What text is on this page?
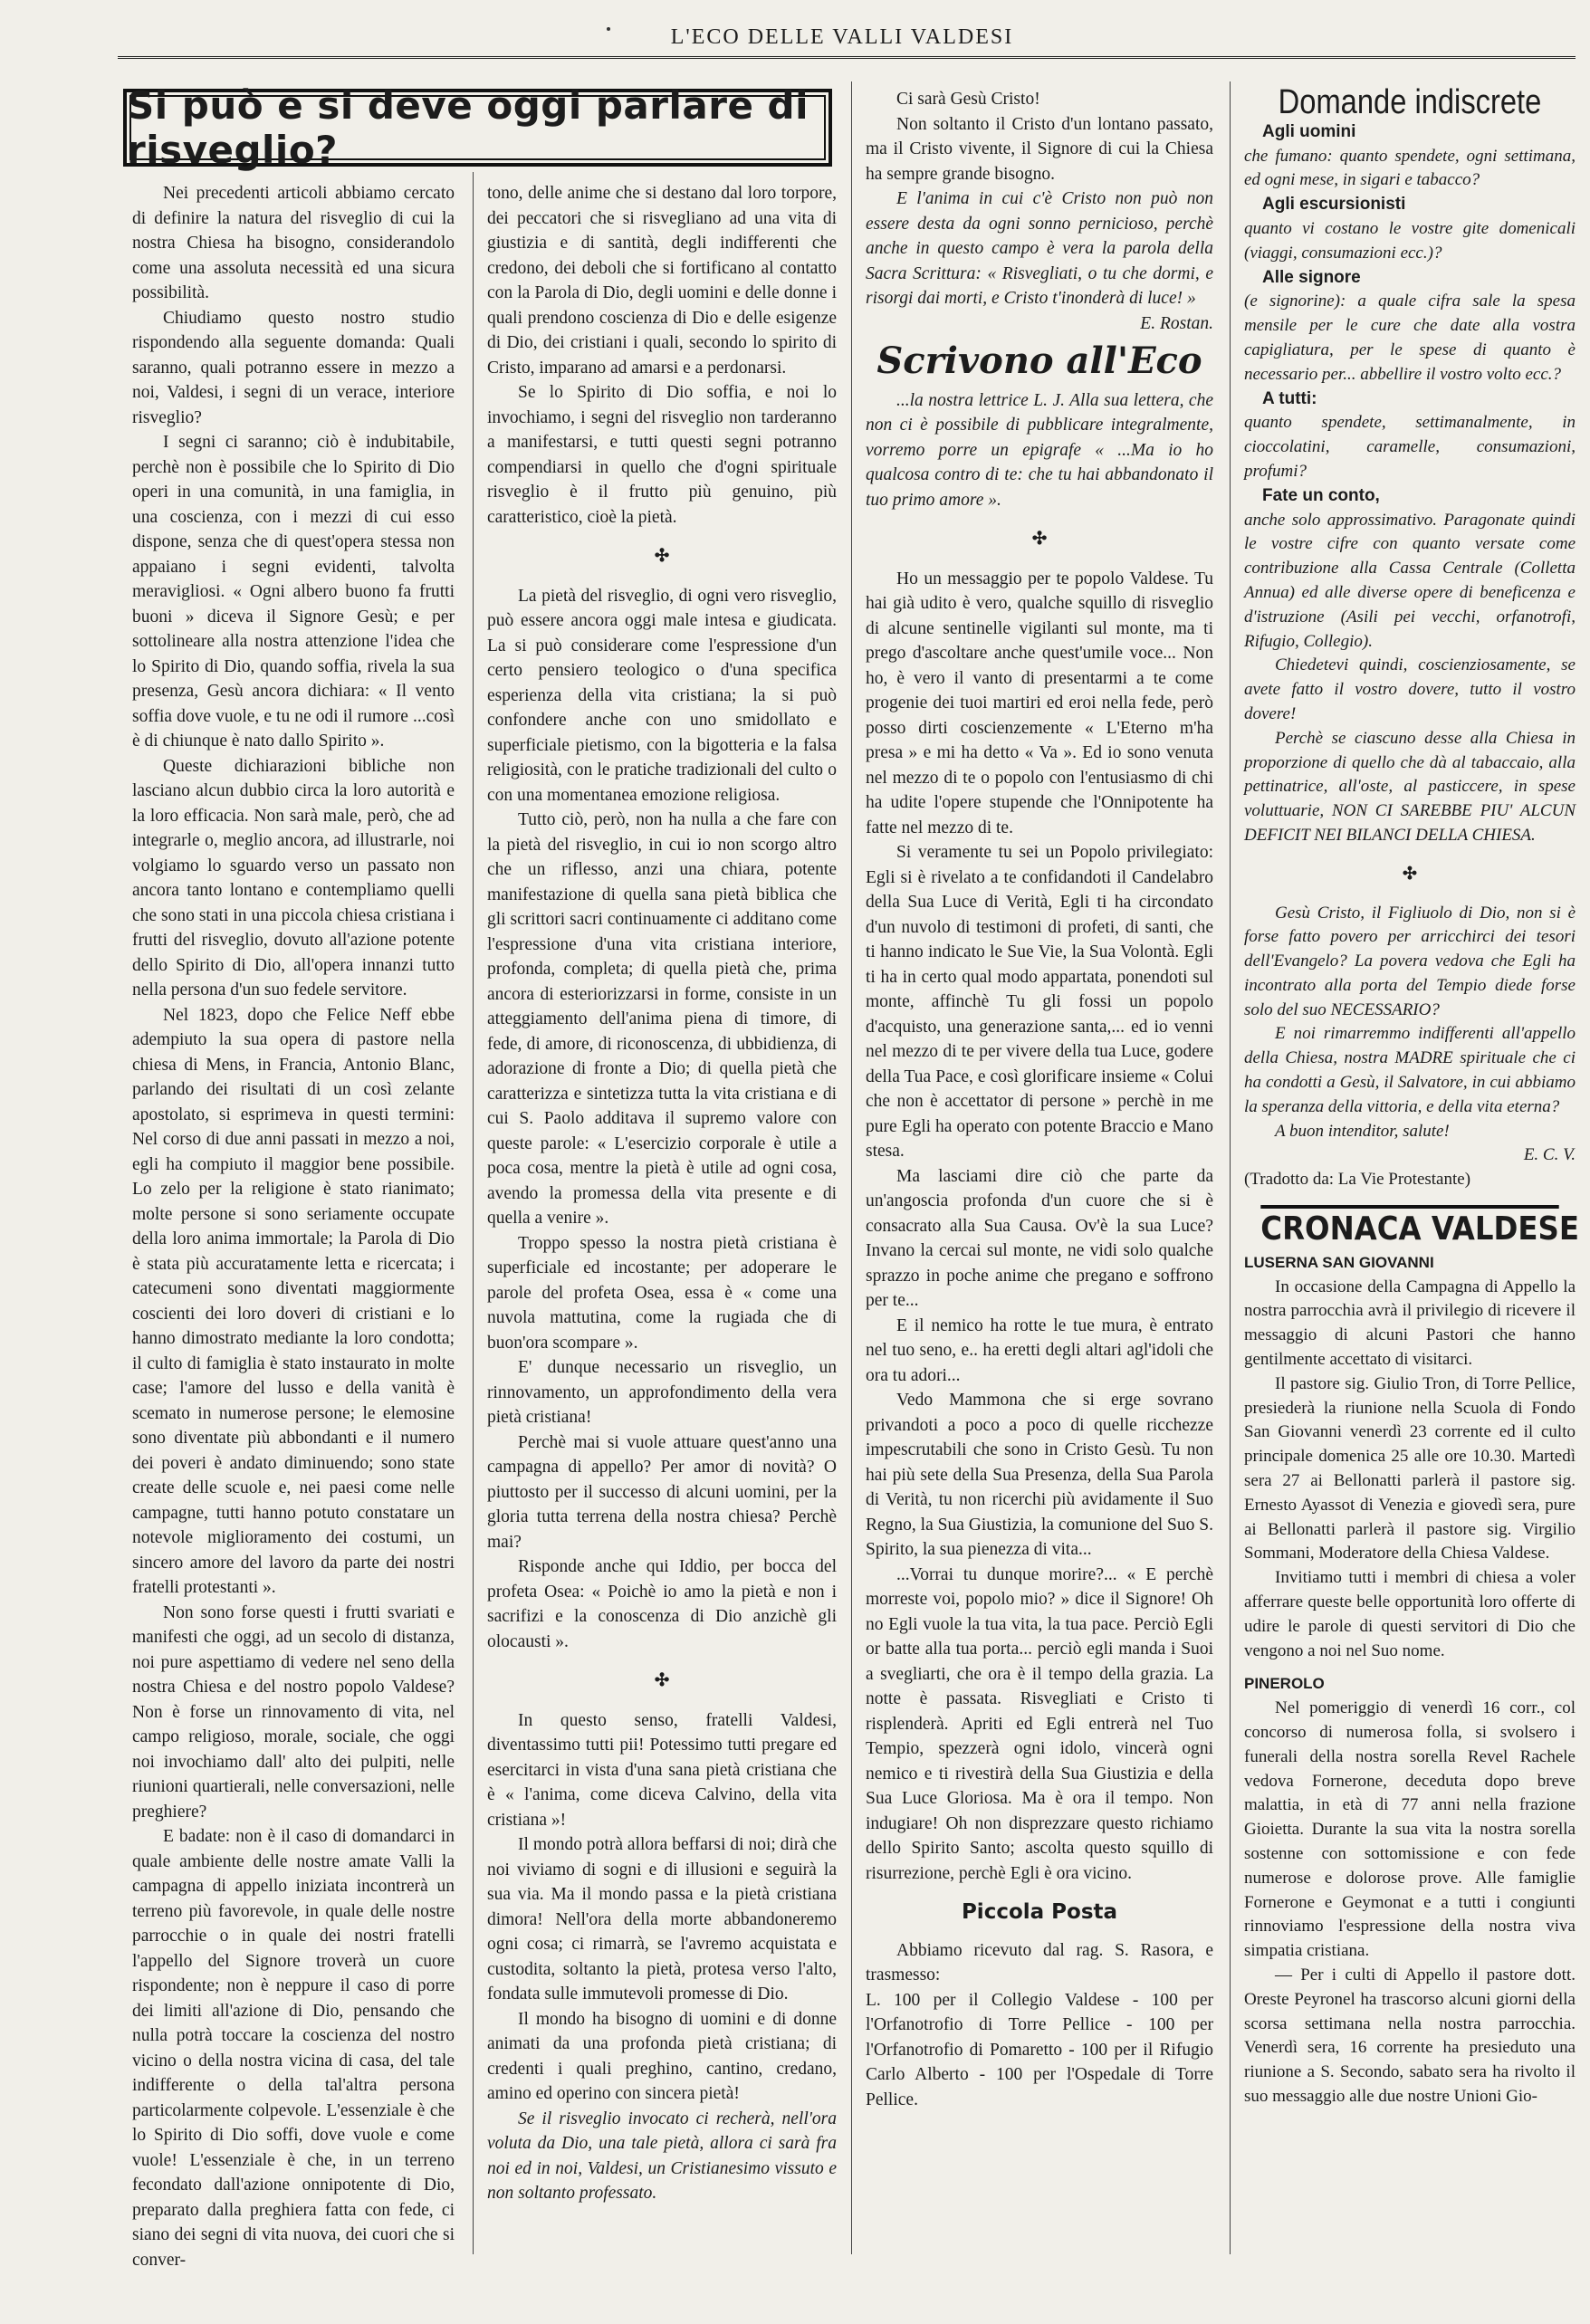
L'ECO DELLE VALLI VALDESI
Si può e si deve oggi parlare di risveglio?

Nei precedenti articoli abbiamo cercato di definire la natura del risveglio di cui la nostra Chiesa ha bisogno, considerandolo come una assoluta necessità ed una sicura possibilità.

Chiudiamo questo nostro studio rispondendo alla seguente domanda: Quali saranno, quali potranno essere in mezzo a noi, Valdesi, i segni di un verace, interiore risveglio?

I segni ci saranno; ciò è indubitabile, perchè non è possibile che lo Spirito di Dio operi in una comunità, in una famiglia, in una coscienza, con i mezzi di cui esso dispone, senza che di quest'opera stessa non appaiano i segni evidenti, talvolta meravigliosi. « Ogni albero buono fa frutti buoni » diceva il Signore Gesù; e per sottolineare alla nostra attenzione l'idea che lo Spirito di Dio, quando soffia, rivela la sua presenza, Gesù ancora dichiara: « Il vento soffia dove vuole, e tu ne odi il rumore ...così è di chiunque è nato dallo Spirito ».

Queste dichiarazioni bibliche non lasciano alcun dubbio circa la loro autorità e la loro efficacia. Non sarà male, però, che ad integrarle o, meglio ancora, ad illustrarle, noi volgiamo lo sguardo verso un passato non ancora tanto lontano e contempliamo quelli che sono stati in una piccola chiesa cristiana i frutti del risveglio, dovuto all'azione potente dello Spirito di Dio, all'opera innanzi tutto nella persona d'un suo fedele servitore.

Nel 1823, dopo che Felice Neff ebbe adempiuto la sua opera di pastore nella chiesa di Mens, in Francia, Antonio Blanc, parlando dei risultati di un così zelante apostolato, si esprimeva in questi termini: Nel corso di due anni passati in mezzo a noi, egli ha compiuto il maggior bene possibile. Lo zelo per la religione è stato rianimato; molte persone si sono seriamente occupate della loro anima immortale; la Parola di Dio è stata più accuratamente letta e ricercata; i catecumeni sono diventati maggiormente coscienti dei loro doveri di cristiani e lo hanno dimostrato mediante la loro condotta; il culto di famiglia è stato instaurato in molte case; l'amore del lusso e della vanità è scemato in numerose persone; le elemosine sono diventate più abbondanti e il numero dei poveri è andato diminuendo; sono state create delle scuole e, nei paesi come nelle campagne, tutti hanno potuto constatare un notevole miglioramento dei costumi, un sincero amore del lavoro da parte dei nostri fratelli protestanti ».

Non sono forse questi i frutti svariati e manifesti che oggi, ad un secolo di distanza, noi pure aspettiamo di vedere nel seno della nostra Chiesa e del nostro popolo Valdese? Non è forse un rinnovamento di vita, nel campo religioso, morale, sociale, che oggi noi invochiamo dall' alto dei pulpiti, nelle riunioni quartierali, nelle conversazioni, nelle preghiere?

E badate: non è il caso di domandarci in quale ambiente delle nostre amate Valli la campagna di appello iniziata incontrerà un terreno più favorevole, in quale delle nostre parrocchie o in quale dei nostri fratelli l'appello del Signore troverà un cuore rispondente; non è neppure il caso di porre dei limiti all'azione di Dio, pensando che nulla potrà toccare la coscienza del nostro vicino o della nostra vicina di casa, del tale indifferente o della tal'altra persona particolarmente colpevole. L'essenziale è che lo Spirito di Dio soffi, dove vuole e come vuole! L'essenziale è che, in un terreno fecondato dall'azione onnipotente di Dio, preparato dalla preghiera fatta con fede, ci siano dei segni di vita nuova, dei cuori che si conver-

tono, delle anime che si destano dal loro torpore, dei peccatori che si risvegliano ad una vita di giustizia e di santità, degli indifferenti che credono, dei deboli che si fortificano al contatto con la Parola di Dio, degli uomini e delle donne i quali prendono coscienza di Dio e delle esigenze di Dio, dei cristiani i quali, secondo lo spirito di Cristo, imparano ad amarsi e a perdonarsi.

Se lo Spirito di Dio soffia, e noi lo invochiamo, i segni del risveglio non tarderanno a manifestarsi, e tutti questi segni potranno compendiarsi in quello che d'ogni spirituale risveglio è il frutto più genuino, più caratteristico, cioè la pietà.

✣

La pietà del risveglio, di ogni vero risveglio, può essere ancora oggi male intesa e giudicata. La si può considerare come l'espressione d'un certo pensiero teologico o d'una specifica esperienza della vita cristiana; la si può confondere anche con uno smidollato e superficiale pietismo, con la bigotteria e la falsa religiosità, con le pratiche tradizionali del culto o con una momentanea emozione religiosa.

Tutto ciò, però, non ha nulla a che fare con la pietà del risveglio, in cui io non scorgo altro che un riflesso, anzi una chiara, potente manifestazione di quella sana pietà biblica che gli scrittori sacri continuamente ci additano come l'espressione d'una vita cristiana interiore, profonda, completa; di quella pietà che, prima ancora di esteriorizzarsi in forme, consiste in un atteggiamento dell'anima piena di timore, di fede, di amore, di riconoscenza, di ubbidienza, di adorazione di fronte a Dio; di quella pietà che caratterizza e sintetizza tutta la vita cristiana e di cui S. Paolo additava il supremo valore con queste parole: « L'esercizio corporale è utile a poca cosa, mentre la pietà è utile ad ogni cosa, avendo la promessa della vita presente e di quella a venire ».

Troppo spesso la nostra pietà cristiana è superficiale ed incostante; per adoperare le parole del profeta Osea, essa è « come una nuvola mattutina, come la rugiada che di buon'ora scompare ».

E' dunque necessario un risveglio, un rinnovamento, un approfondimento della vera pietà cristiana!

Perchè mai si vuole attuare quest'anno una campagna di appello? Per amor di novità? O piuttosto per il successo di alcuni uomini, per la gloria tutta terrena della nostra chiesa? Perchè mai?

Risponde anche qui Iddio, per bocca del profeta Osea: « Poichè io amo la pietà e non i sacrifizi e la conoscenza di Dio anzichè gli olocausti ».

✣

In questo senso, fratelli Valdesi, diventassimo tutti pii! Potessimo tutti pregare ed esercitarci in vista d'una sana pietà cristiana che è « l'anima, come diceva Calvino, della vita cristiana »!

Il mondo potrà allora beffarsi di noi; dirà che noi viviamo di sogni e di illusioni e seguirà la sua via. Ma il mondo passa e la pietà cristiana dimora! Nell'ora della morte abbandoneremo ogni cosa; ci rimarrà, se l'avremo acquistata e custodita, soltanto la pietà, protesa verso l'alto, fondata sulle immutevoli promesse di Dio.

Il mondo ha bisogno di uomini e di donne animati da una profonda pietà cristiana; di credenti i quali preghino, cantino, credano, amino ed operino con sincera pietà!

Se il risveglio invocato ci recherà, nell'ora voluta da Dio, una tale pietà, allora ci sarà fra noi ed in noi, Valdesi, un Cristianesimo vissuto e non soltanto professato.

Ci sarà Gesù Cristo!

Non soltanto il Cristo d'un lontano passato, ma il Cristo vivente, il Signore di cui la Chiesa ha sempre grande bisogno.

E l'anima in cui c'è Cristo non può non essere desta da ogni sonno pernicioso, perchè anche in questo campo è vera la parola della Sacra Scrittura: « Risvegliati, o tu che dormi, e risorgi dai morti, e Cristo t'inonderà di luce! »

E. Rostan.

Scrivono all'Eco

...la nostra lettrice L. J. Alla sua lettera, che non ci è possibile di pubblicare integralmente, vorremo porre un epigrafe « ...Ma io ho qualcosa contro di te: che tu hai abbandonato il tuo primo amore ».

✣

Ho un messaggio per te popolo Valdese. Tu hai già udito è vero, qualche squillo di risveglio di alcune sentinelle vigilanti sul monte, ma ti prego d'ascoltare anche quest'umile voce... Non ho, è vero il vanto di presentarmi a te come progenie dei tuoi martiri ed eroi nella fede, però posso dirti coscienzemente « L'Eterno m'ha presa » e mi ha detto « Va ». Ed io sono venuta nel mezzo di te o popolo con l'entusiasmo di chi ha udite l'opere stupende che l'Onnipotente ha fatte nel mezzo di te.

Si veramente tu sei un Popolo privilegiato: Egli si è rivelato a te confidandoti il Candelabro della Sua Luce di Verità, Egli ti ha circondato d'un nuvolo di testimoni di profeti, di santi, che ti hanno indicato le Sue Vie, la Sua Volontà. Egli ti ha in certo qual modo appartata, ponendoti sul monte, affinchè Tu gli fossi un popolo d'acquisto, una generazione santa,... ed io venni nel mezzo di te per vivere della tua Luce, godere della Tua Pace, e così glorificare insieme « Colui che non è accettator di persone » perchè in me pure Egli ha operato con potente Braccio e Mano stesa.

Ma lasciami dire ciò che parte da un'angoscia profonda d'un cuore che si è consacrato alla Sua Causa. Ov'è la sua Luce? Invano la cercai sul monte, ne vidi solo qualche sprazzo in poche anime che pregano e soffrono per te...

E il nemico ha rotte le tue mura, è entrato nel tuo seno, e.. ha eretti degli altari agl'idoli che ora tu adori...

Vedo Mammona che si erge sovrano privandoti a poco a poco di quelle ricchezze impescrutabili che sono in Cristo Gesù. Tu non hai più sete della Sua Presenza, della Sua Parola di Verità, tu non ricerchi più avidamente il Suo Regno, la Sua Giustizia, la comunione del Suo S. Spirito, la sua pienezza di vita...

...Vorrai tu dunque morire?... « E perchè morreste voi, popolo mio? » dice il Signore! Oh no Egli vuole la tua vita, la tua pace. Perciò Egli or batte alla tua porta... perciò egli manda i Suoi a svegliarti, che ora è il tempo della grazia. La notte è passata. Risvegliati e Cristo ti risplenderà. Apriti ed Egli entrerà nel Tuo Tempio, spezzerà ogni idolo, vincerà ogni nemico e ti rivestirà della Sua Giustizia e della Sua Luce Gloriosa. Ma è ora il tempo. Non indugiare! Oh non disprezzare questo richiamo dello Spirito Santo; ascolta questo squillo di risurrezione, perchè Egli è ora vicino.

Piccola Posta

Abbiamo ricevuto dal rag. S. Rasora, e trasmesso:

L. 100 per il Collegio Valdese - 100 per l'Orfanotrofio di Torre Pellice - 100 per l'Orfanotrofio di Pomaretto - 100 per il Rifugio Carlo Alberto - 100 per l'Ospedale di Torre Pellice.

Domande indiscrete

Agli uomini

che fumano: quanto spendete, ogni settimana, ed ogni mese, in sigari e tabacco?

Agli escursionisti

quanto vi costano le vostre gite domenicali (viaggi, consumazioni ecc.)?

Alle signore

(e signorine): a quale cifra sale la spesa mensile per le cure che date alla vostra capigliatura, per le spese di quanto è necessario per... abbellire il vostro volto ecc.?

A tutti:

quanto spendete, settimanalmente, in cioccolatini, caramelle, consumazioni, profumi?

Fate un conto,

anche solo approssimativo. Paragonate quindi le vostre cifre con quanto versate come contribuzione alla Cassa Centrale (Colletta Annua) ed alle diverse opere di beneficenza e d'istruzione (Asili pei vecchi, orfanotrofi, Rifugio, Collegio).

Chiedetevi quindi, coscienziosamente, se avete fatto il vostro dovere, tutto il vostro dovere!

Perchè se ciascuno desse alla Chiesa in proporzione di quello che dà al tabaccaio, alla pettinatrice, all'oste, al pasticcere, in spese voluttuarie, NON CI SAREBBE PIU' ALCUN DEFICIT NEI BILANCI DELLA CHIESA.

✣

Gesù Cristo, il Figliuolo di Dio, non si è forse fatto povero per arricchirci dei tesori dell'Evangelo? La povera vedova che Egli ha incontrato alla porta del Tempio diede forse solo del suo NECESSARIO?

E noi rimarremmo indifferenti all'appello della Chiesa, nostra MADRE spirituale che ci ha condotti a Gesù, il Salvatore, in cui abbiamo la speranza della vittoria, e della vita eterna?

A buon intenditor, salute!

E. C. V.

(Tradotto da: La Vie Protestante)

CRONACA VALDESE

LUSERNA SAN GIOVANNI

In occasione della Campagna di Appello la nostra parrocchia avrà il privilegio di ricevere il messaggio di alcuni Pastori che hanno gentilmente accettato di visitarci.

Il pastore sig. Giulio Tron, di Torre Pellice, presiederà la riunione nella Scuola di Fondo San Giovanni venerdì 23 corrente ed il culto principale domenica 25 alle ore 10.30. Martedì sera 27 ai Bellonatti parlerà il pastore sig. Ernesto Ayassot di Venezia e giovedì sera, pure ai Bellonatti parlerà il pastore sig. Virgilio Sommani, Moderatore della Chiesa Valdese.

Invitiamo tutti i membri di chiesa a voler afferrare queste belle opportunità loro offerte di udire le parole di questi servitori di Dio che vengono a noi nel Suo nome.

PINEROLO

Nel pomeriggio di venerdì 16 corr., col concorso di numerosa folla, si svolsero i funerali della nostra sorella Revel Rachele vedova Fornerone, deceduta dopo breve malattia, in età di 77 anni nella frazione Gioietta. Durante la sua vita la nostra sorella sostenne con sottomissione e con fede numerose e dolorose prove. Alle famiglie Fornerone e Geymonat e a tutti i congiunti rinnoviamo l'espressione della nostra viva simpatia cristiana.

— Per i culti di Appello il pastore dott. Oreste Peyronel ha trascorso alcuni giorni della scorsa settimana nella nostra parrocchia. Venerdì sera, 16 corrente ha presieduto una riunione a S. Secondo, sabato sera ha rivolto il suo messaggio alle due nostre Unioni Gio-
